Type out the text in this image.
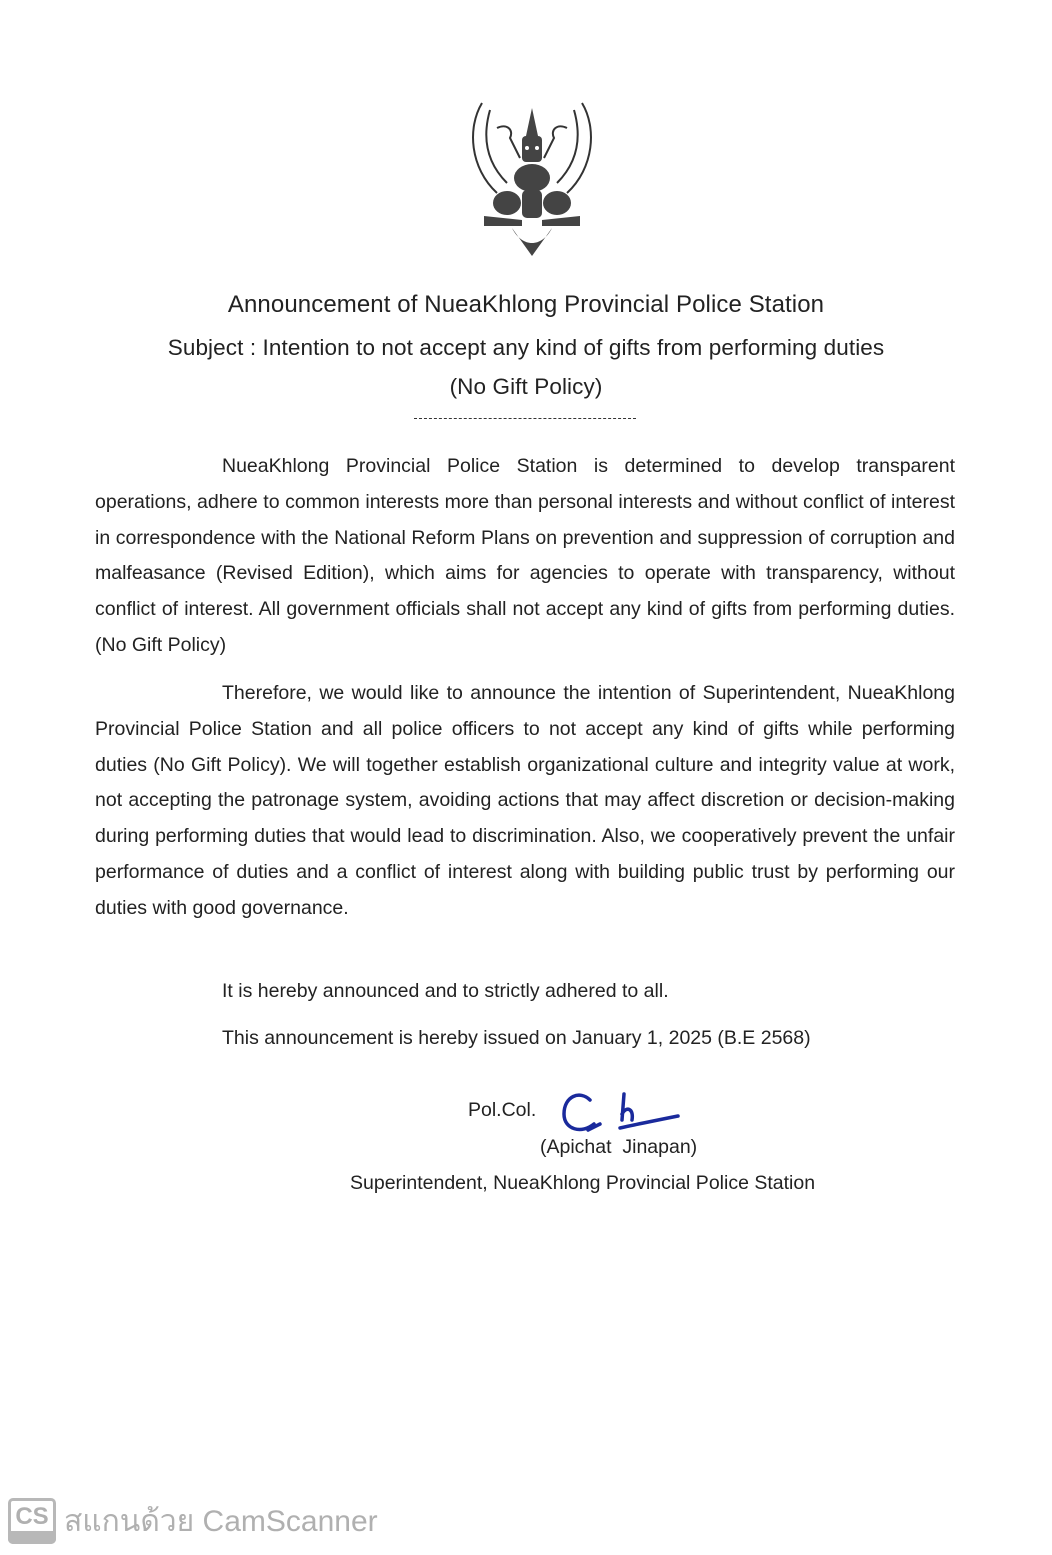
Announcement of NueaKhlong Provincial Police Station
Subject : Intention to not accept any kind of gifts from performing duties
(No Gift Policy)

NueaKhlong Provincial Police Station is determined to develop transparent operations, adhere to common interests more than personal interests and without conflict of interest in correspondence with the National Reform Plans on prevention and suppression of corruption and malfeasance (Revised Edition), which aims for agencies to operate with transparency, without conflict of interest. All government officials shall not accept any kind of gifts from performing duties. (No Gift Policy)

Therefore, we would like to announce the intention of Superintendent, NueaKhlong Provincial Police Station and all police officers to not accept any kind of gifts while performing duties (No Gift Policy). We will together establish organizational culture and integrity value at work, not accepting the patronage system, avoiding actions that may affect discretion or decision-making during performing duties that would lead to discrimination. Also, we cooperatively prevent the unfair performance of duties and a conflict of interest along with building public trust by performing our duties with good governance.

It is hereby announced and to strictly adhered to all.
This announcement is hereby issued on January 1, 2025 (B.E 2568)
Pol.Col.
(Apichat  Jinapan)
Superintendent, NueaKhlong Provincial Police Station
CS สแกนด้วย CamScanner
